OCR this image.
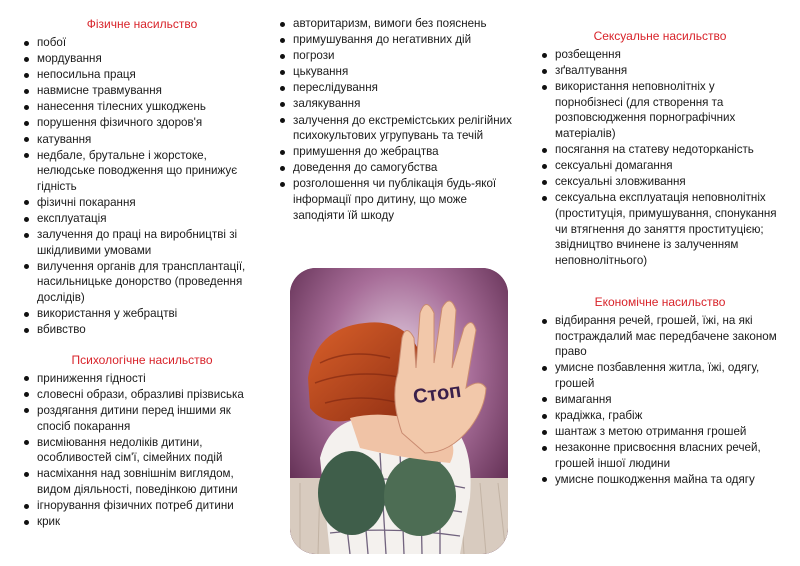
Фізичне насильство
побої
мордування
непосильна праця
навмисне травмування
нанесення тілесних ушкоджень
порушення фізичного здоров'я
катування
недбале, брутальне і жорстоке, нелюдське поводження що принижує гідність
фізичні покарання
експлуатація
залучення до праці на виробництві зі шкідливими умовами
вилучення органів для трансплантації, насильницьке донорство (проведення дослідів)
використання у жебрацтві
вбивство
Психологічне насильство
приниження гідності
словесні образи, образливі прізвиська
роздягання дитини перед іншими як спосіб покарання
висміювання недоліків дитини, особливостей сім'ї, сімейних подій
насміхання над зовнішнім виглядом, видом діяльності, поведінкою дитини
ігнорування фізичних потреб дитини
крик
авторитаризм, вимоги без пояснень
примушування до негативних дій
погрози
цькування
переслідування
залякування
залучення до екстремістських релігійних психокультових угрупувань та течій
примушення до жебрацтва
доведення до самогубства
розголошення чи публікація будь-якої інформації про дитину, що може заподіяти їй шкоду
Сексуальне насильство
розбещення
зґвалтування
використання неповнолітніх у порнобізнесі (для створення та розповсюдження порнографічних матеріалів)
посягання на статеву недоторканість
сексуальні домагання
сексуальні зловживання
сексуальна експлуатація неповнолітніх (проституція, примушування, спонукання чи втягнення до заняття проституцією; звідництво вчинене із залученням неповнолітнього)
Економічне насильство
відбирання речей, грошей, їжі, на які постраждалий має передбачене законом право
умисне позбавлення житла, їжі, одягу, грошей
вимагання
крадіжка, грабіж
шантаж з метою отримання грошей
незаконне присвоєння власних речей, грошей іншої людини
умисне пошкодження майна та одягу
Стоп
